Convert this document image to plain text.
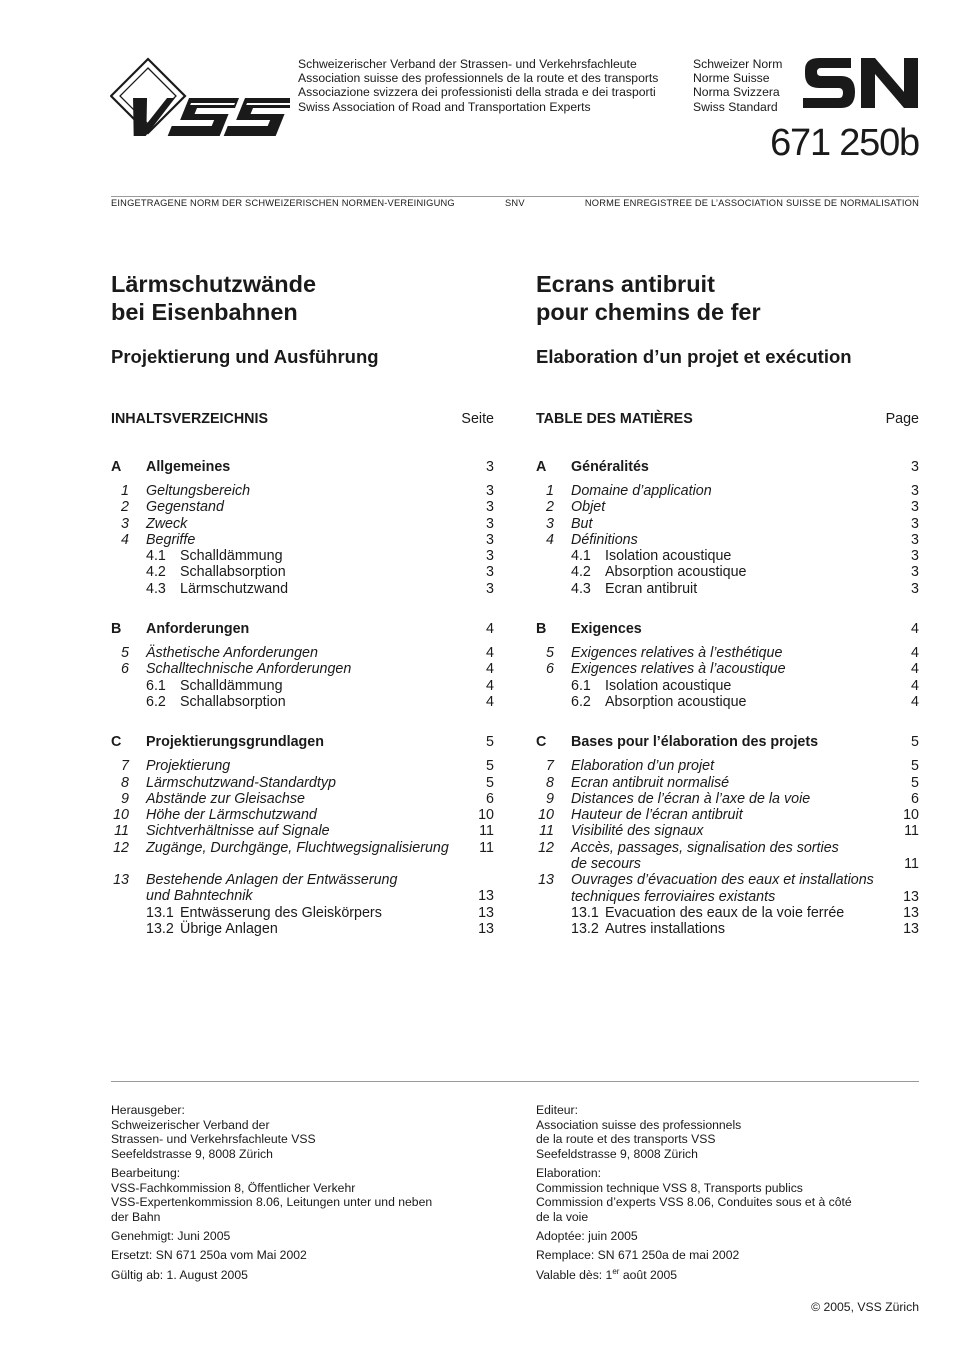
Schweizerischer Verband der Strassen- und Verkehrsfachleute
Association suisse des professionnels de la route et des transports
Associazione svizzera dei professionisti della strada e dei trasporti
Swiss Association of Road and Transportation Experts
Schweizer Norm
Norme Suisse
Norma Svizzera
Swiss Standard
671 250b
EINGETRAGENE NORM DER SCHWEIZERISCHEN NORMEN-VEREINIGUNG	SNV	NORME ENREGISTREE DE L’ASSOCIATION SUISSE DE NORMALISATION
Lärmschutzwände
bei Eisenbahnen
Projektierung und Ausführung
INHALTSVERZEICHNIS	Seite
A Allgemeines	3
1 Geltungsbereich	3
2 Gegenstand	3
3 Zweck	3
4 Begriffe	3
4.1 Schalldämmung	3
4.2 Schallabsorption	3
4.3 Lärmschutzwand	3
B Anforderungen	4
5 Ästhetische Anforderungen	4
6 Schalltechnische Anforderungen	4
6.1 Schalldämmung	4
6.2 Schallabsorption	4
C Projektierungsgrundlagen	5
7 Projektierung	5
8 Lärmschutzwand-Standardtyp	5
9 Abstände zur Gleisachse	6
10 Höhe der Lärmschutzwand	10
11 Sichtverhältnisse auf Signale	11
12 Zugänge, Durchgänge, Fluchtwegsignalisierung 11
13 Bestehende Anlagen der Entwässerung
und Bahntechnik	13
13.1 Entwässerung des Gleiskörpers	13
13.2 Übrige Anlagen	13
Ecrans antibruit
pour chemins de fer
Elaboration d’un projet et exécution
TABLE DES MATIÈRES	Page
A Généralités	3
1 Domaine d’application	3
2 Objet	3
3 But	3
4 Définitions	3
4.1 Isolation acoustique	3
4.2 Absorption acoustique	3
4.3 Ecran antibruit	3
B Exigences	4
5 Exigences relatives à l’esthétique	4
6 Exigences relatives à l’acoustique	4
6.1 Isolation acoustique	4
6.2 Absorption acoustique	4
C Bases pour l’élaboration des projets	5
7 Elaboration d’un projet	5
8 Ecran antibruit normalisé	5
9 Distances de l’écran à l’axe de la voie	6
10 Hauteur de l’écran antibruit	10
11 Visibilité des signaux	11
12 Accès, passages, signalisation des sorties
de secours	11
13 Ouvrages d’évacuation des eaux et installations
techniques ferroviaires existants	13
13.1 Evacuation des eaux de la voie ferrée	13
13.2 Autres installations	13
Herausgeber:
Schweizerischer Verband der
Strassen- und Verkehrsfachleute VSS
Seefeldstrasse 9, 8008 Zürich
Bearbeitung:
VSS-Fachkommission 8, Öffentlicher Verkehr
VSS-Expertenkommission 8.06, Leitungen unter und neben
der Bahn
Genehmigt: Juni 2005
Ersetzt: SN 671 250a vom Mai 2002
Gültig ab: 1. August 2005
Editeur:
Association suisse des professionnels
de la route et des transports VSS
Seefeldstrasse 9, 8008 Zürich
Elaboration:
Commission technique VSS 8, Transports publics
Commission d’experts VSS 8.06, Conduites sous et à côté
de la voie
Adoptée: juin 2005
Remplace: SN 671 250a de mai 2002
Valable dès: 1er août 2005
© 2005, VSS Zürich
